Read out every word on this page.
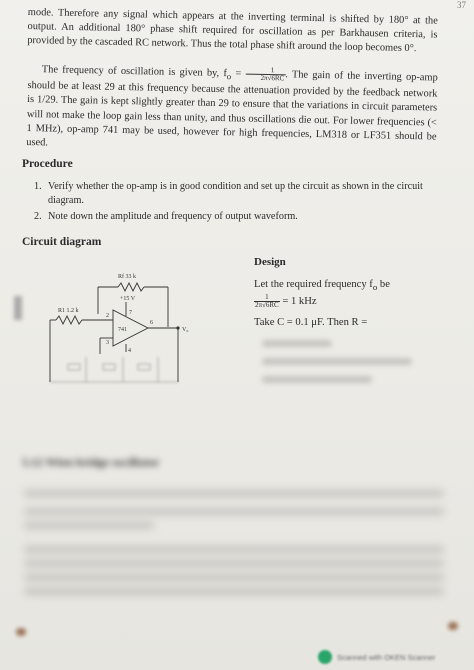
37

mode. Therefore any signal which appears at the inverting terminal is shifted by 180° at the output. An additional 180° phase shift required for oscillation as per Barkhausen criteria, is provided by the cascaded RC network. Thus the total phase shift around the loop becomes 0°.

The frequency of oscillation is given by, $f_o = \frac{1}{2\pi√6RC}$ . The gain of the inverting op-amp should be at least 29 at this frequency because the attenuation provided by the feedback network is 1/29. The gain is kept slightly greater than 29 to ensure that the variations in circuit parameters will not make the loop gain less than unity, and thus oscillations die out. For lower frequencies (< 1 MHz), op-amp 741 may be used, however for high frequencies, LM318 or LF351 should be used.

Procedure
1. Verify whether the op-amp is in good condition and set up the circuit as shown in the circuit diagram.
2. Note down the amplitude and frequency of output waveform.
Circuit diagram
Rf 33 k
R1 1.2 k
+15 V
2
3
4
6
7
741	V₀
Design
Let the required frequency $f_o$ be
$\frac{1}{2\pi√6RC} = 1$ kHz
Take C = 0.1 μF. Then R =
5.12 Wien bridge oscillator
Scanned with OKEN Scanner
